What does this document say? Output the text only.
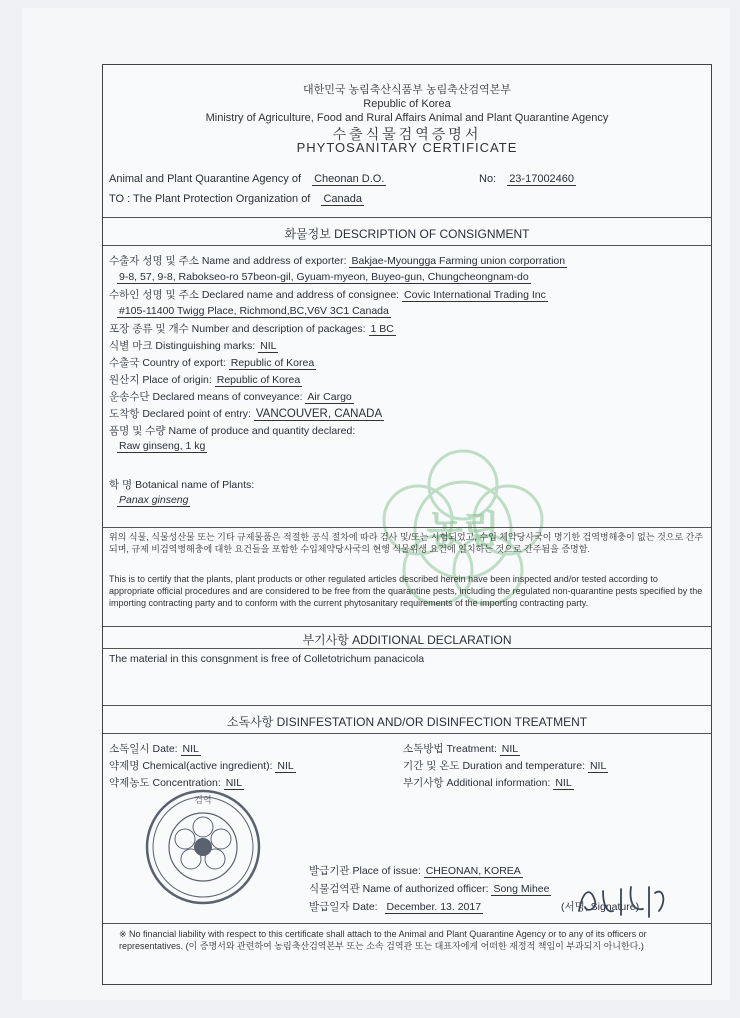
농림
대한민국 농림축산식품부 농림축산검역본부
Republic of Korea
Ministry of Agriculture, Food and Rural Affairs Animal and Plant Quarantine Agency
수출식물검역증명서
PHYTOSANITARY CERTIFICATE
Animal and Plant Quarantine Agency of Cheonan D.O.	No: 23-17002460
TO : The Plant Protection Organization of Canada
화물정보 DESCRIPTION OF CONSIGNMENT
수출자 성명 및 주소 Name and address of exporter: Bakjae-Myoungga Farming union corporration
9-8, 57, 9-8, Rabokseo-ro 57beon-gil, Gyuam-myeon, Buyeo-gun, Chungcheongnam-do
수하인 성명 및 주소 Declared name and address of consignee: Covic International Trading Inc
#105-11400 Twigg Place, Richmond,BC,V6V 3C1 Canada
포장 종류 및 개수 Number and description of packages: 1 BC
식별 마크 Distinguishing marks: NIL
수출국 Country of export: Republic of Korea
원산지 Place of origin: Republic of Korea
운송수단 Declared means of conveyance: Air Cargo
도착항 Declared point of entry: VANCOUVER, CANADA
품명 및 수량 Name of produce and quantity declared:
Raw ginseng, 1 kg
학 명 Botanical name of Plants:
Panax ginseng
위의 식물, 식물성산물 또는 기타 규제물품은 적절한 공식 절차에 따라 검사 및/또는 시험되었고, 수입 체약당사국이 명기한 검역병해충이 없는 것으로 간주되며, 규제 비검역병해충에 대한 요건들을 포함한 수입체약당사국의 현행 식물위생 요건에 일치하는 것으로 간주됨을 증명함.
This is to certify that the plants, plant products or other regulated articles described herein have been inspected and/or tested according to appropriate official procedures and are considered to be free from the quarantine pests, including the regulated non-quarantine pests specified by the importing contracting party and to conform with the current phytosanitary requirements of the importing contracting party.
부기사항 ADDITIONAL DECLARATION
The material in this consgnment is free of Colletotrichum panacicola
소독사항 DISINFESTATION AND/OR DISINFECTION TREATMENT
소독일시 Date: NIL	소독방법 Treatment: NIL
약제명 Chemical(active ingredient): NIL	기간 및 온도 Duration and temperature: NIL
약제농도 Concentration: NIL	부기사항 Additional information: NIL
검역
발급기관 Place of issue: CHEONAN, KOREA
식물검역관 Name of authorized officer: Song Mihee
발급일자 Date: December. 13. 2017	(서명, Signature)
※ No financial liability with respect to this certificate shall attach to the Animal and Plant Quarantine Agency or to any of its officers or representatives. (이 증명서와 관련하여 농림축산검역본부 또는 소속 검역관 또는 대표자에게 어떠한 재정적 책임이 부과되지 아니한다.)
